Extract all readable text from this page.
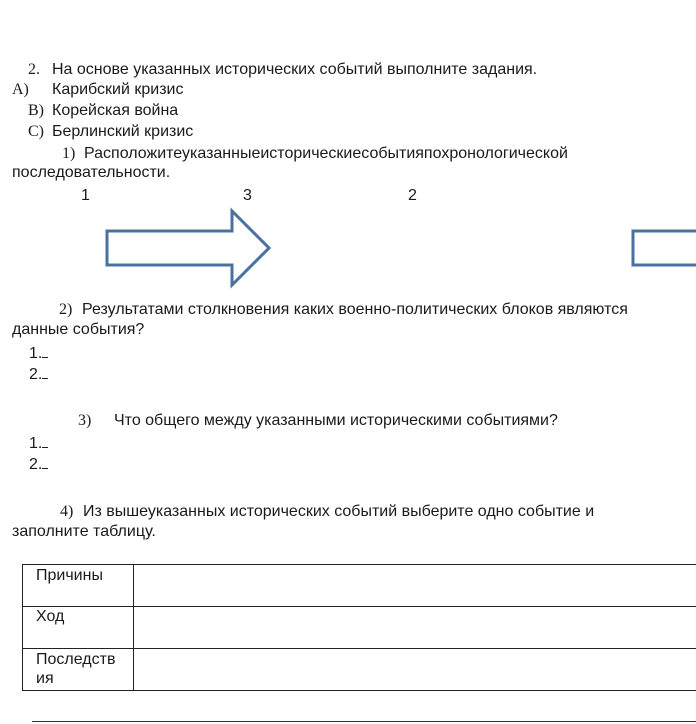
2. На основе указанных исторических событий выполните задания.
A) Карибский кризис
B) Корейская война
C) Берлинский кризис
1) Расположитеуказанныеисторическиесобытияпохронологической
последовательности.
1	3	2
2) Результатами столкновения каких военно-политических блоков являются
данные события?
1.
2.
3) Что общего между указанными историческими событиями?
1.
2.
4) Из вышеуказанных исторических событий выберите одно событие и
заполните таблицу.
Причины	
Ход	
Последств
ия	
